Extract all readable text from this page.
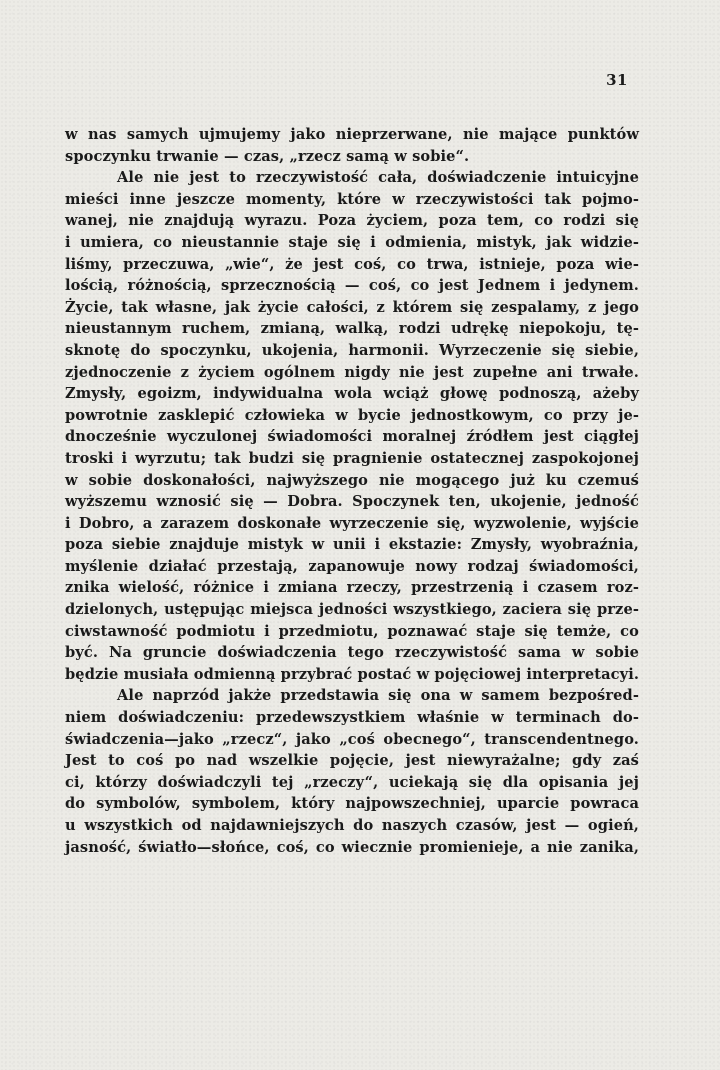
31
w nas samych ujmujemy jako nieprzerwane, nie mające punktów
spoczynku trwanie — czas, „rzecz samą w sobie“.
Ale nie jest to rzeczywistość cała, doświadczenie intuicyjne
mieści inne jeszcze momenty, które w rzeczywistości tak pojmo-
wanej, nie znajdują wyrazu. Poza życiem, poza tem, co rodzi się
i umiera, co nieustannie staje się i odmienia, mistyk, jak widzie-
liśmy, przeczuwa, „wie“, że jest coś, co trwa, istnieje, poza wie-
lością, różnością, sprzecznością — coś, co jest Jednem i jedynem.
Życie, tak własne, jak życie całości, z którem się zespalamy, z jego
nieustannym ruchem, zmianą, walką, rodzi udrękę niepokoju, tę-
sknotę do spoczynku, ukojenia, harmonii. Wyrzeczenie się siebie,
zjednoczenie z życiem ogólnem nigdy nie jest zupełne ani trwałe.
Zmysły, egoizm, indywidualna wola wciąż głowę podnoszą, ażeby
powrotnie zasklepić człowieka w bycie jednostkowym, co przy je-
dnocześnie wyczulonej świadomości moralnej źródłem jest ciągłej
troski i wyrzutu; tak budzi się pragnienie ostatecznej zaspokojonej
w sobie doskonałości, najwyższego nie mogącego już ku czemuś
wyższemu wznosić się — Dobra. Spoczynek ten, ukojenie, jedność
i Dobro, a zarazem doskonałe wyrzeczenie się, wyzwolenie, wyjście
poza siebie znajduje mistyk w unii i ekstazie: Zmysły, wyobraźnia,
myślenie działać przestają, zapanowuje nowy rodzaj świadomości,
znika wielość, różnice i zmiana rzeczy, przestrzenią i czasem roz-
dzielonych, ustępując miejsca jedności wszystkiego, zaciera się prze-
ciwstawność podmiotu i przedmiotu, poznawać staje się temże, co
być. Na gruncie doświadczenia tego rzeczywistość sama w sobie
będzie musiała odmienną przybrać postać w pojęciowej interpretacyi.
Ale naprzód jakże przedstawia się ona w samem bezpośred-
niem doświadczeniu: przedewszystkiem właśnie w terminach do-
świadczenia—jako „rzecz“, jako „coś obecnego“, transcendentnego.
Jest to coś po nad wszelkie pojęcie, jest niewyrażalne; gdy zaś
ci, którzy doświadczyli tej „rzeczy“, uciekają się dla opisania jej
do symbolów, symbolem, który najpowszechniej, uparcie powraca
u wszystkich od najdawniejszych do naszych czasów, jest — ogień,
jasność, światło—słońce, coś, co wiecznie promienieje, a nie zanika,
